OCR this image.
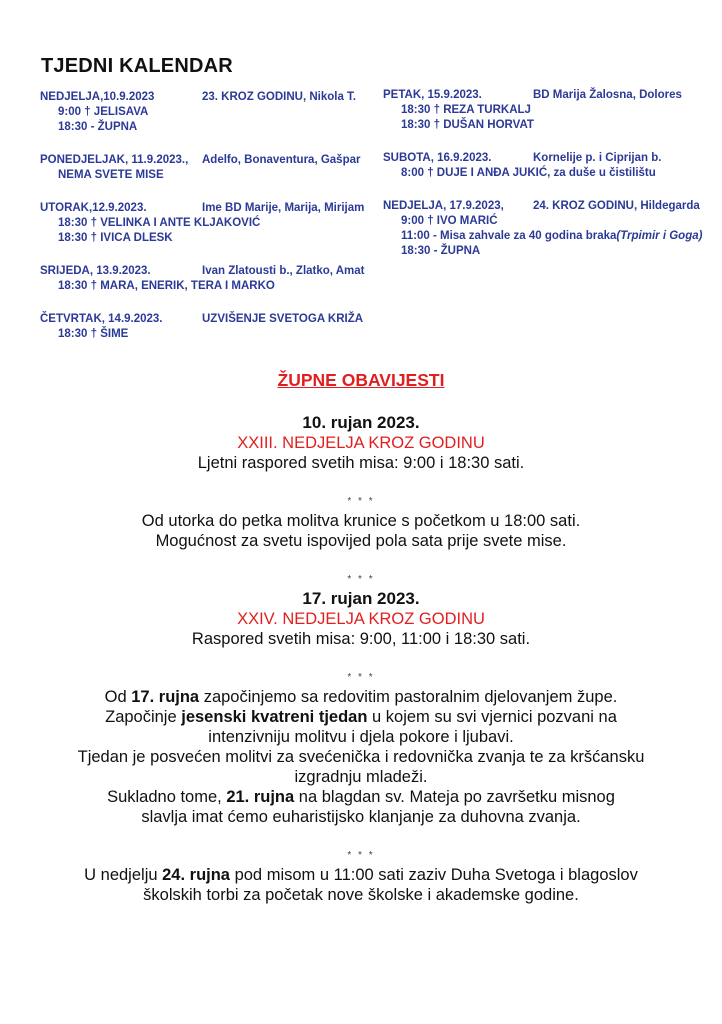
TJEDNI KALENDAR
NEDJELJA,10.9.2023	23. KROZ GODINU, Nikola T.
9:00 † JELISAVA
18:30 - ŽUPNA
PONEDJELJAK, 11.9.2023., Adelfo, Bonaventura, Gašpar
NEMA SVETE MISE
UTORAK,12.9.2023.	Ime BD Marije, Marija, Mirijam
18:30 † VELINKA I ANTE KLJAKOVIĆ
18:30 † IVICA DLESK
SRIJEDA, 13.9.2023.	Ivan Zlatousti b., Zlatko, Amat
18:30 † MARA, ENERIK, TERA I MARKO
ČETVRTAK, 14.9.2023.	UZVIŠENJE SVETOGA KRIŽA
18:30 † ŠIME
PETAK, 15.9.2023.	BD Marija Žalosna, Dolores
18:30 † REZA TURKALJ
18:30 † DUŠAN HORVAT
SUBOTA, 16.9.2023.	Kornelije p. i Ciprijan b.
8:00 † DUJE I ANĐA JUKIĆ, za duše u čistilištu
NEDJELJA, 17.9.2023,	24. KROZ GODINU, Hildegarda
9:00 † IVO MARIĆ
11:00 - Misa zahvale za 40 godina braka(Trpimir i Goga)
18:30 - ŽUPNA
ŽUPNE OBAVIJESTI
10. rujan 2023.
XXIII. NEDJELJA KROZ GODINU
Ljetni raspored svetih misa: 9:00 i 18:30 sati.
* * *
Od utorka do petka molitva krunice s početkom u 18:00 sati.
Mogućnost za svetu ispovijed pola sata prije svete mise.
* * *
17. rujan 2023.
XXIV. NEDJELJA KROZ GODINU
Raspored svetih misa: 9:00, 11:00 i 18:30 sati.
* * *
Od 17. rujna započinjemo sa redovitim pastoralnim djelovanjem župe.
Započinje jesenski kvatreni tjedan u kojem su svi vjernici pozvani na
intenzivniju molitvu i djela pokore i ljubavi.
Tjedan je posvećen molitvi za svećenička i redovnička zvanja te za kršćansku
izgradnju mladeži.
Sukladno tome, 21. rujna na blagdan sv. Mateja po završetku misnog
slavlja imat ćemo euharistijsko klanjanje za duhovna zvanja.
* * *
U nedjelju 24. rujna pod misom u 11:00 sati zaziv Duha Svetoga i blagoslov
školskih torbi za početak nove školske i akademske godine.
